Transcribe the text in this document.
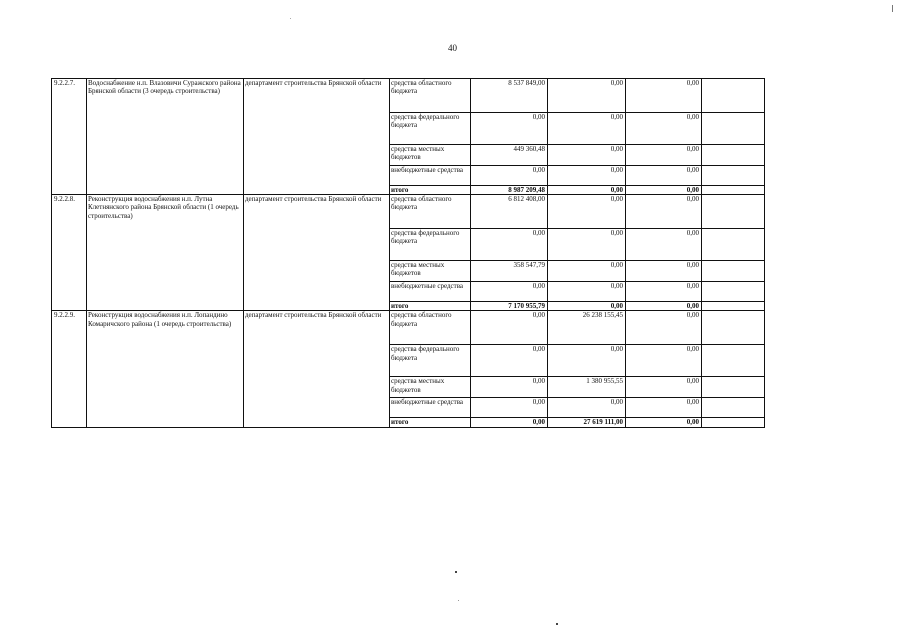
40
9.2.2.7.	Водоснабжение н.п. Влазовичи Суражского района Брянской области (3 очередь строительства)	департамент строительства Брянской области	средства областного бюджета	8 537 849,00	0,00	0,00	
			средства федерального бюджета	0,00	0,00	0,00	
			средства местных бюджетов	449 360,48	0,00	0,00	
			внебюджетные средства	0,00	0,00	0,00	
			итого	8 987 209,48	0,00	0,00	
9.2.2.8.	Реконструкция водоснабжения н.п. Лутна Клетнянского района Брянской области (1 очередь строительства)	департамент строительства Брянской области	средства областного бюджета	6 812 408,00	0,00	0,00	
			средства федерального бюджета	0,00	0,00	0,00	
			средства местных бюджетов	358 547,79	0,00	0,00	
			внебюджетные средства	0,00	0,00	0,00	
			итого	7 170 955,79	0,00	0,00	
9.2.2.9.	Реконструкция водоснабжения н.п. Лопандино Комаричского района (1 очередь строительства)	департамент строительства Брянской области	средства областного бюджета	0,00	26 238 155,45	0,00	
			средства федерального бюджета	0,00	0,00	0,00	
			средства местных бюджетов	0,00	1 380 955,55	0,00	
			внебюджетные средства	0,00	0,00	0,00	
			итого	0,00	27 619 111,00	0,00	
